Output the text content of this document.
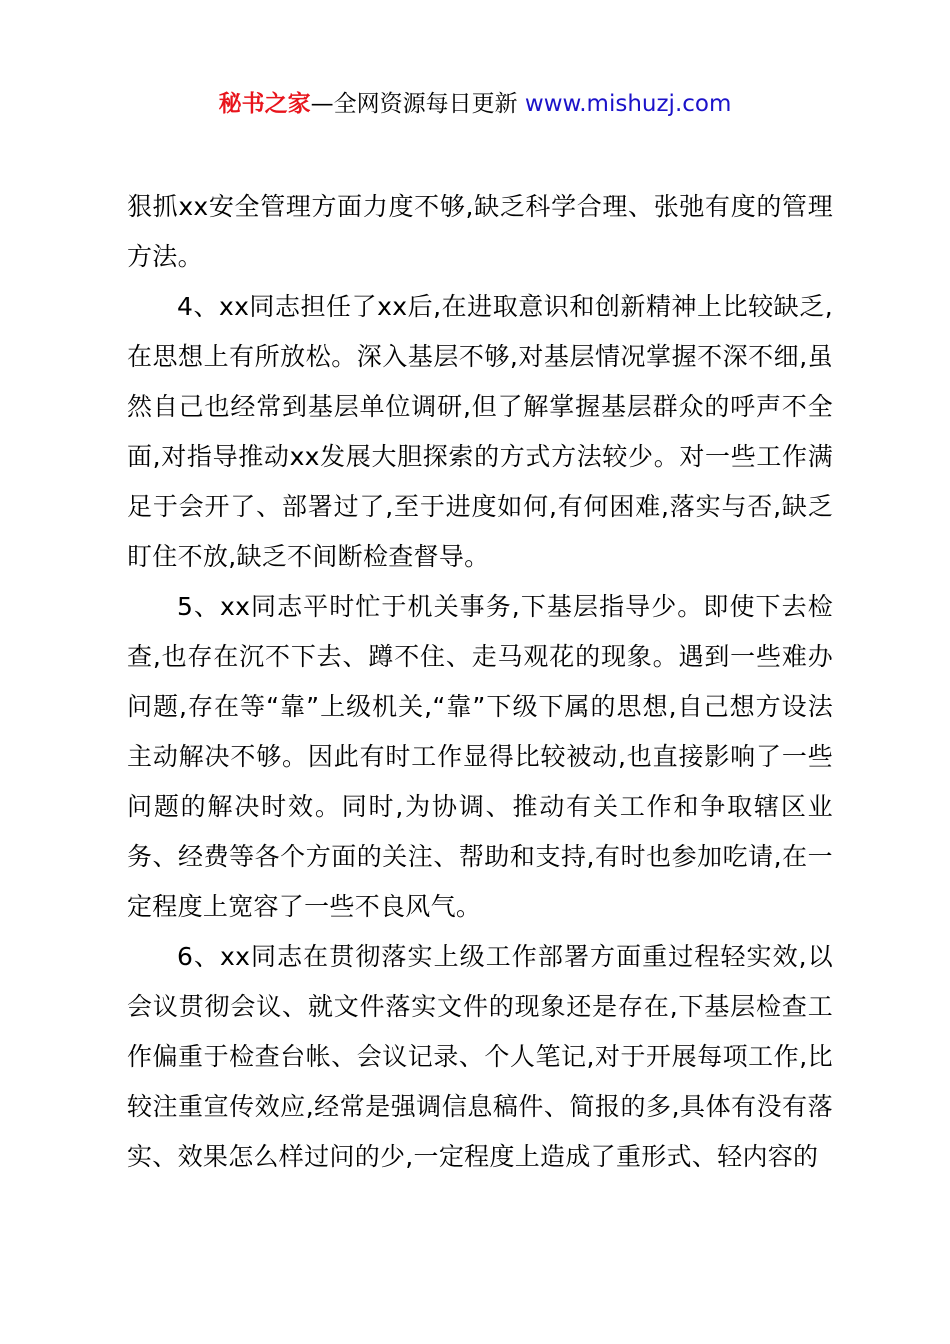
秘书之家—全网资源每日更新 www.mishuzj.com

狠抓xx安全管理方面力度不够,缺乏科学合理、张弛有度的管理方法。

4、xx同志担任了xx后,在进取意识和创新精神上比较缺乏,在思想上有所放松。深入基层不够,对基层情况掌握不深不细,虽然自己也经常到基层单位调研,但了解掌握基层群众的呼声不全面,对指导推动xx发展大胆探索的方式方法较少。对一些工作满足于会开了、部署过了,至于进度如何,有何困难,落实与否,缺乏盯住不放,缺乏不间断检查督导。

5、xx同志平时忙于机关事务,下基层指导少。即使下去检查,也存在沉不下去、蹲不住、走马观花的现象。遇到一些难办问题,存在等“靠”上级机关,“靠”下级下属的思想,自己想方设法主动解决不够。因此有时工作显得比较被动,也直接影响了一些问题的解决时效。同时,为协调、推动有关工作和争取辖区业务、经费等各个方面的关注、帮助和支持,有时也参加吃请,在一定程度上宽容了一些不良风气。

6、xx同志在贯彻落实上级工作部署方面重过程轻实效,以会议贯彻会议、就文件落实文件的现象还是存在,下基层检查工作偏重于检查台帐、会议记录、个人笔记,对于开展每项工作,比较注重宣传效应,经常是强调信息稿件、简报的多,具体有没有落实、效果怎么样过问的少,一定程度上造成了重形式、轻内容的
